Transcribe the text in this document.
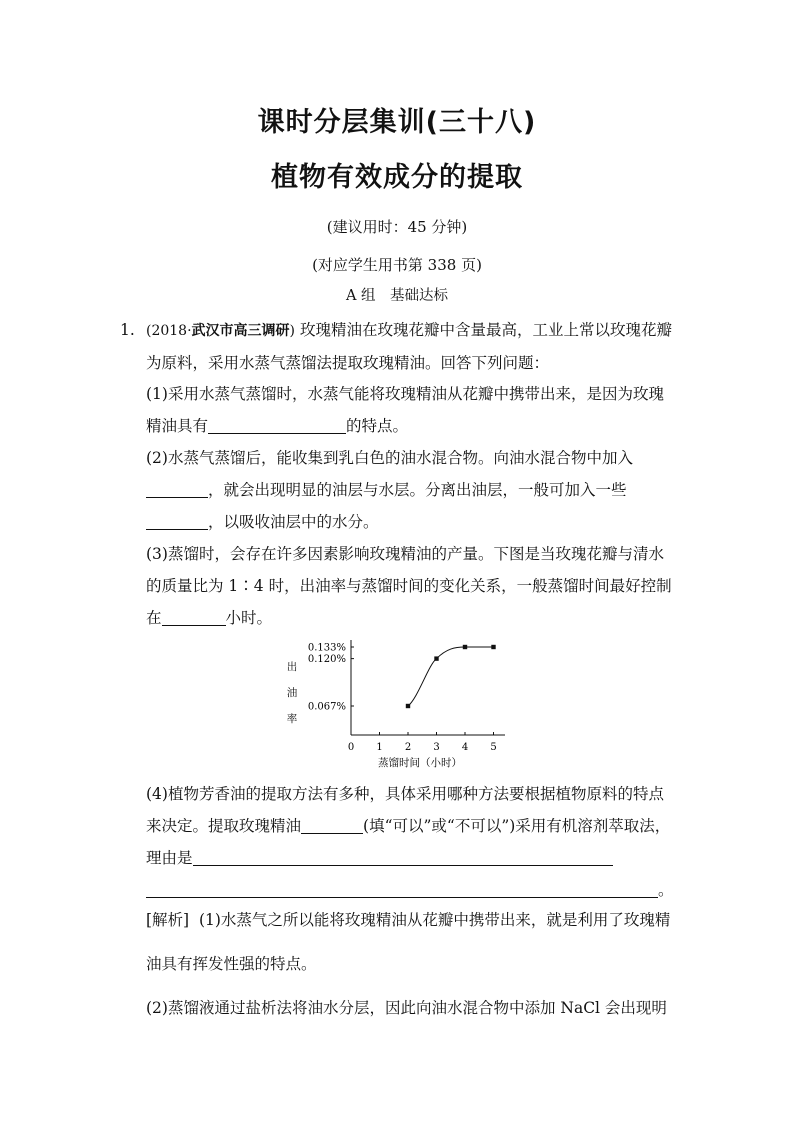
课时分层集训(三十八)
植物有效成分的提取
(建议用时：45 分钟)
(对应学生用书第 338 页)
A 组　基础达标
1. (2018·武汉市高三调研) 玫瑰精油在玫瑰花瓣中含量最高，工业上常以玫瑰花瓣为原料，采用水蒸气蒸馏法提取玫瑰精油。回答下列问题：
(1)采用水蒸气蒸馏时，水蒸气能将玫瑰精油从花瓣中携带出来，是因为玫瑰精油具有	的特点。
(2)水蒸气蒸馏后，能收集到乳白色的油水混合物。向油水混合物中加入，就会出现明显的油层与水层。分离出油层，一般可加入一些，以吸收油层中的水分。
(3)蒸馏时，会存在许多因素影响玫瑰精油的产量。下图是当玫瑰花瓣与清水的质量比为 1∶4 时，出油率与蒸馏时间的变化关系，一般蒸馏时间最好控制在	小时。
0 1 2 3 4 5
0.067%
0.120%
0.133%
出
油
率
蒸馏时间（小时）
(4)植物芳香油的提取方法有多种，具体采用哪种方法要根据植物原料的特点来决定。提取玫瑰精油	(填“可以”或“不可以”)采用有机溶剂萃取法，理由是 。
[解析] (1)水蒸气之所以能将玫瑰精油从花瓣中携带出来，就是利用了玫瑰精油具有挥发性强的特点。
(2)蒸馏液通过盐析法将油水分层，因此向油水混合物中添加 NaCl 会出现明
